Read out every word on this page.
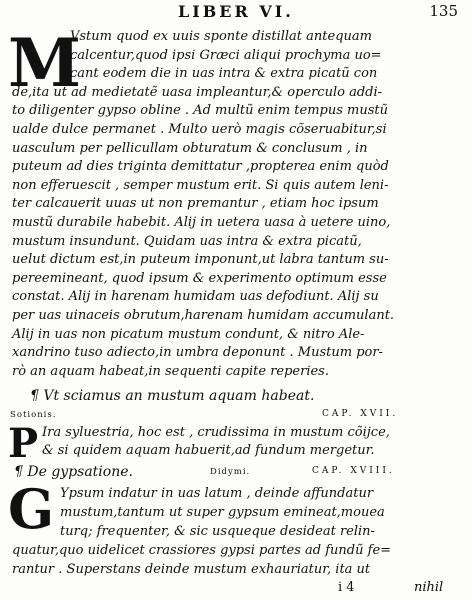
LIBER VI.	135
M
Vstum quod ex uuis sponte distillat antequam
calcentur,quod ipsi Græci aliqui prochyma uo=
cant eodem die in uas intra & extra picatũ con
de,ita ut ad medietatẽ uasa impleantur,& operculo addi-
to diligenter gypso obline . Ad multũ enim tempus mustũ
ualde dulce permanet . Multo uerò magis cõseruabitur,si
uasculum per pellicullam obturatum & conclusum , in
puteum ad dies triginta demittatur ,propterea enim quòd
non efferuescit , semper mustum erit. Si quis autem leni-
ter calcauerit uuas ut non premantur , etiam hoc ipsum
mustũ durabile habebit. Alij in uetera uasa à uetere uino,
mustum insundunt. Quidam uas intra & extra picatũ,
uelut dictum est,in puteum imponunt,ut labra tantum su-
pereemineant, quod ipsum & experimento optimum esse
constat. Alij in harenam humidam uas defodiunt. Alij su
per uas uinaceis obrutum,harenam humidam accumulant.
Alij in uas non picatum mustum condunt, & nitro Ale-
xandrino tuso adiecto,in umbra deponunt . Mustum por-
rò an aquam habeat,in sequenti capite reperies.
¶ Vt sciamus an mustum aquam habeat.
Sotionis.	CAP. XVII.
P Ira syluestria, hoc est , crudissima in mustum cõijce,
& si quidem aquam habuerit,ad fundum mergetur.
¶ De gypsatione.	Didymi.	CAP. XVIII.
G Ypsum indatur in uas latum , deinde affundatur
mustum,tantum ut super gypsum emineat,mouea
turq; frequenter, & sic usqueque desideat relin-
quatur,quo uidelicet crassiores gypsi partes ad fundũ fe=
rantur . Superstans deinde mustum exhauriatur, ita ut
i 4	nihil
